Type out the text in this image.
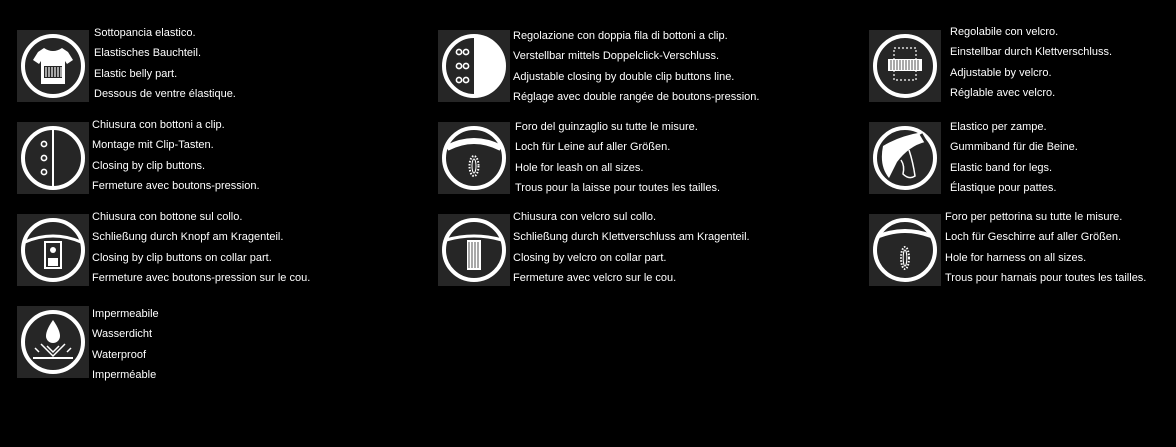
Sottopancia elastico.
Elastisches Bauchteil.
Elastic belly part.
Dessous de ventre élastique.
Regolazione con doppia fila di bottoni a clip.
Verstellbar mittels Doppelclick-Verschluss.
Adjustable closing by double clip buttons line.
Réglage avec double rangée de boutons-pression.
Regolabile con velcro.
Einstellbar durch Klettverschluss.
Adjustable by velcro.
Réglable avec velcro.
Chiusura con bottoni a clip.
Montage mit Clip-Tasten.
Closing by clip buttons.
Fermeture avec boutons-pression.
Foro del guinzaglio su tutte le misure.
Loch für Leine auf aller Größen.
Hole for leash on all sizes.
Trous pour la laisse pour toutes les tailles.
Elastico per zampe.
Gummiband für die Beine.
Elastic band for legs.
Élastique pour pattes.
Chiusura con bottone sul collo.
Schließung durch Knopf am Kragenteil.
Closing by clip buttons on collar part.
Fermeture avec boutons-pression sur le cou.
Chiusura con velcro sul collo.
Schließung durch Klettverschluss am Kragenteil.
Closing by velcro on collar part.
Fermeture avec velcro sur le cou.
Foro per pettorina su tutte le misure.
Loch für Geschirre auf aller Größen.
Hole for harness on all sizes.
Trous pour harnais pour toutes les tailles.
Impermeabile
Wasserdicht
Waterproof
Imperméable
